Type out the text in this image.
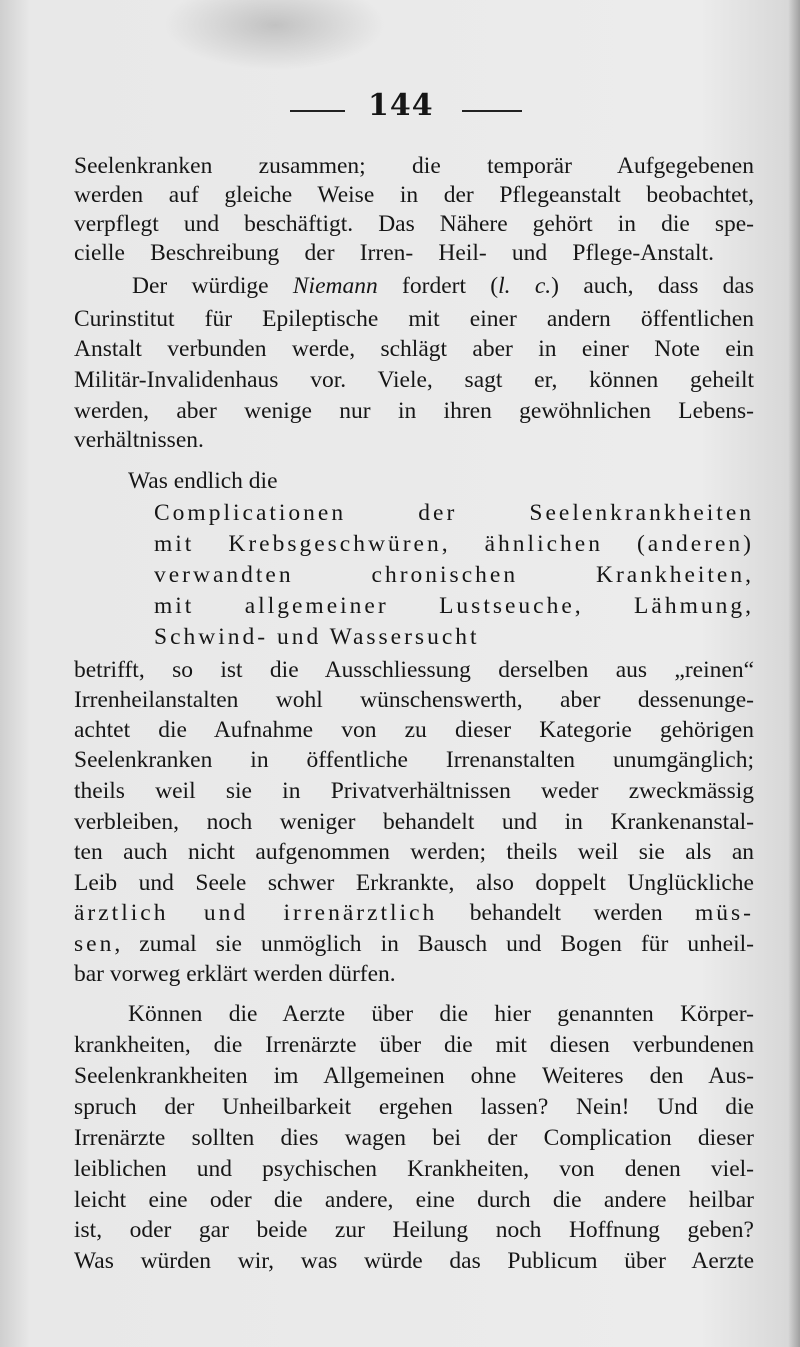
144
Seelenkranken zusammen; die temporär Aufgegebenen
werden auf gleiche Weise in der Pflegeanstalt beobachtet,
verpflegt und beschäftigt. Das Nähere gehört in die spe-
cielle Beschreibung der Irren- Heil- und Pflege-Anstalt.
Der würdige Niemann fordert (l. c.) auch, dass das
Curinstitut für Epileptische mit einer andern öffentlichen
Anstalt verbunden werde, schlägt aber in einer Note ein
Militär-Invalidenhaus vor. Viele, sagt er, können geheilt
werden, aber wenige nur in ihren gewöhnlichen Lebens-
verhältnissen.
Was endlich die
Complicationen der Seelenkrankheiten
mit Krebsgeschwüren, ähnlichen (anderen)
verwandten chronischen Krankheiten,
mit allgemeiner Lustseuche, Lähmung,
Schwind- und Wassersucht
betrifft, so ist die Ausschliessung derselben aus „reinen“
Irrenheilanstalten wohl wünschenswerth, aber dessenunge-
achtet die Aufnahme von zu dieser Kategorie gehörigen
Seelenkranken in öffentliche Irrenanstalten unumgänglich;
theils weil sie in Privatverhältnissen weder zweckmässig
verbleiben, noch weniger behandelt und in Krankenanstal-
ten auch nicht aufgenommen werden; theils weil sie als an
Leib und Seele schwer Erkrankte, also doppelt Unglückliche
ärztlich und irrenärztlich behandelt werden müs-
sen, zumal sie unmöglich in Bausch und Bogen für unheil-
bar vorweg erklärt werden dürfen.
Können die Aerzte über die hier genannten Körper-
krankheiten, die Irrenärzte über die mit diesen verbundenen
Seelenkrankheiten im Allgemeinen ohne Weiteres den Aus-
spruch der Unheilbarkeit ergehen lassen? Nein! Und die
Irrenärzte sollten dies wagen bei der Complication dieser
leiblichen und psychischen Krankheiten, von denen viel-
leicht eine oder die andere, eine durch die andere heilbar
ist, oder gar beide zur Heilung noch Hoffnung geben?
Was würden wir, was würde das Publicum über Aerzte
